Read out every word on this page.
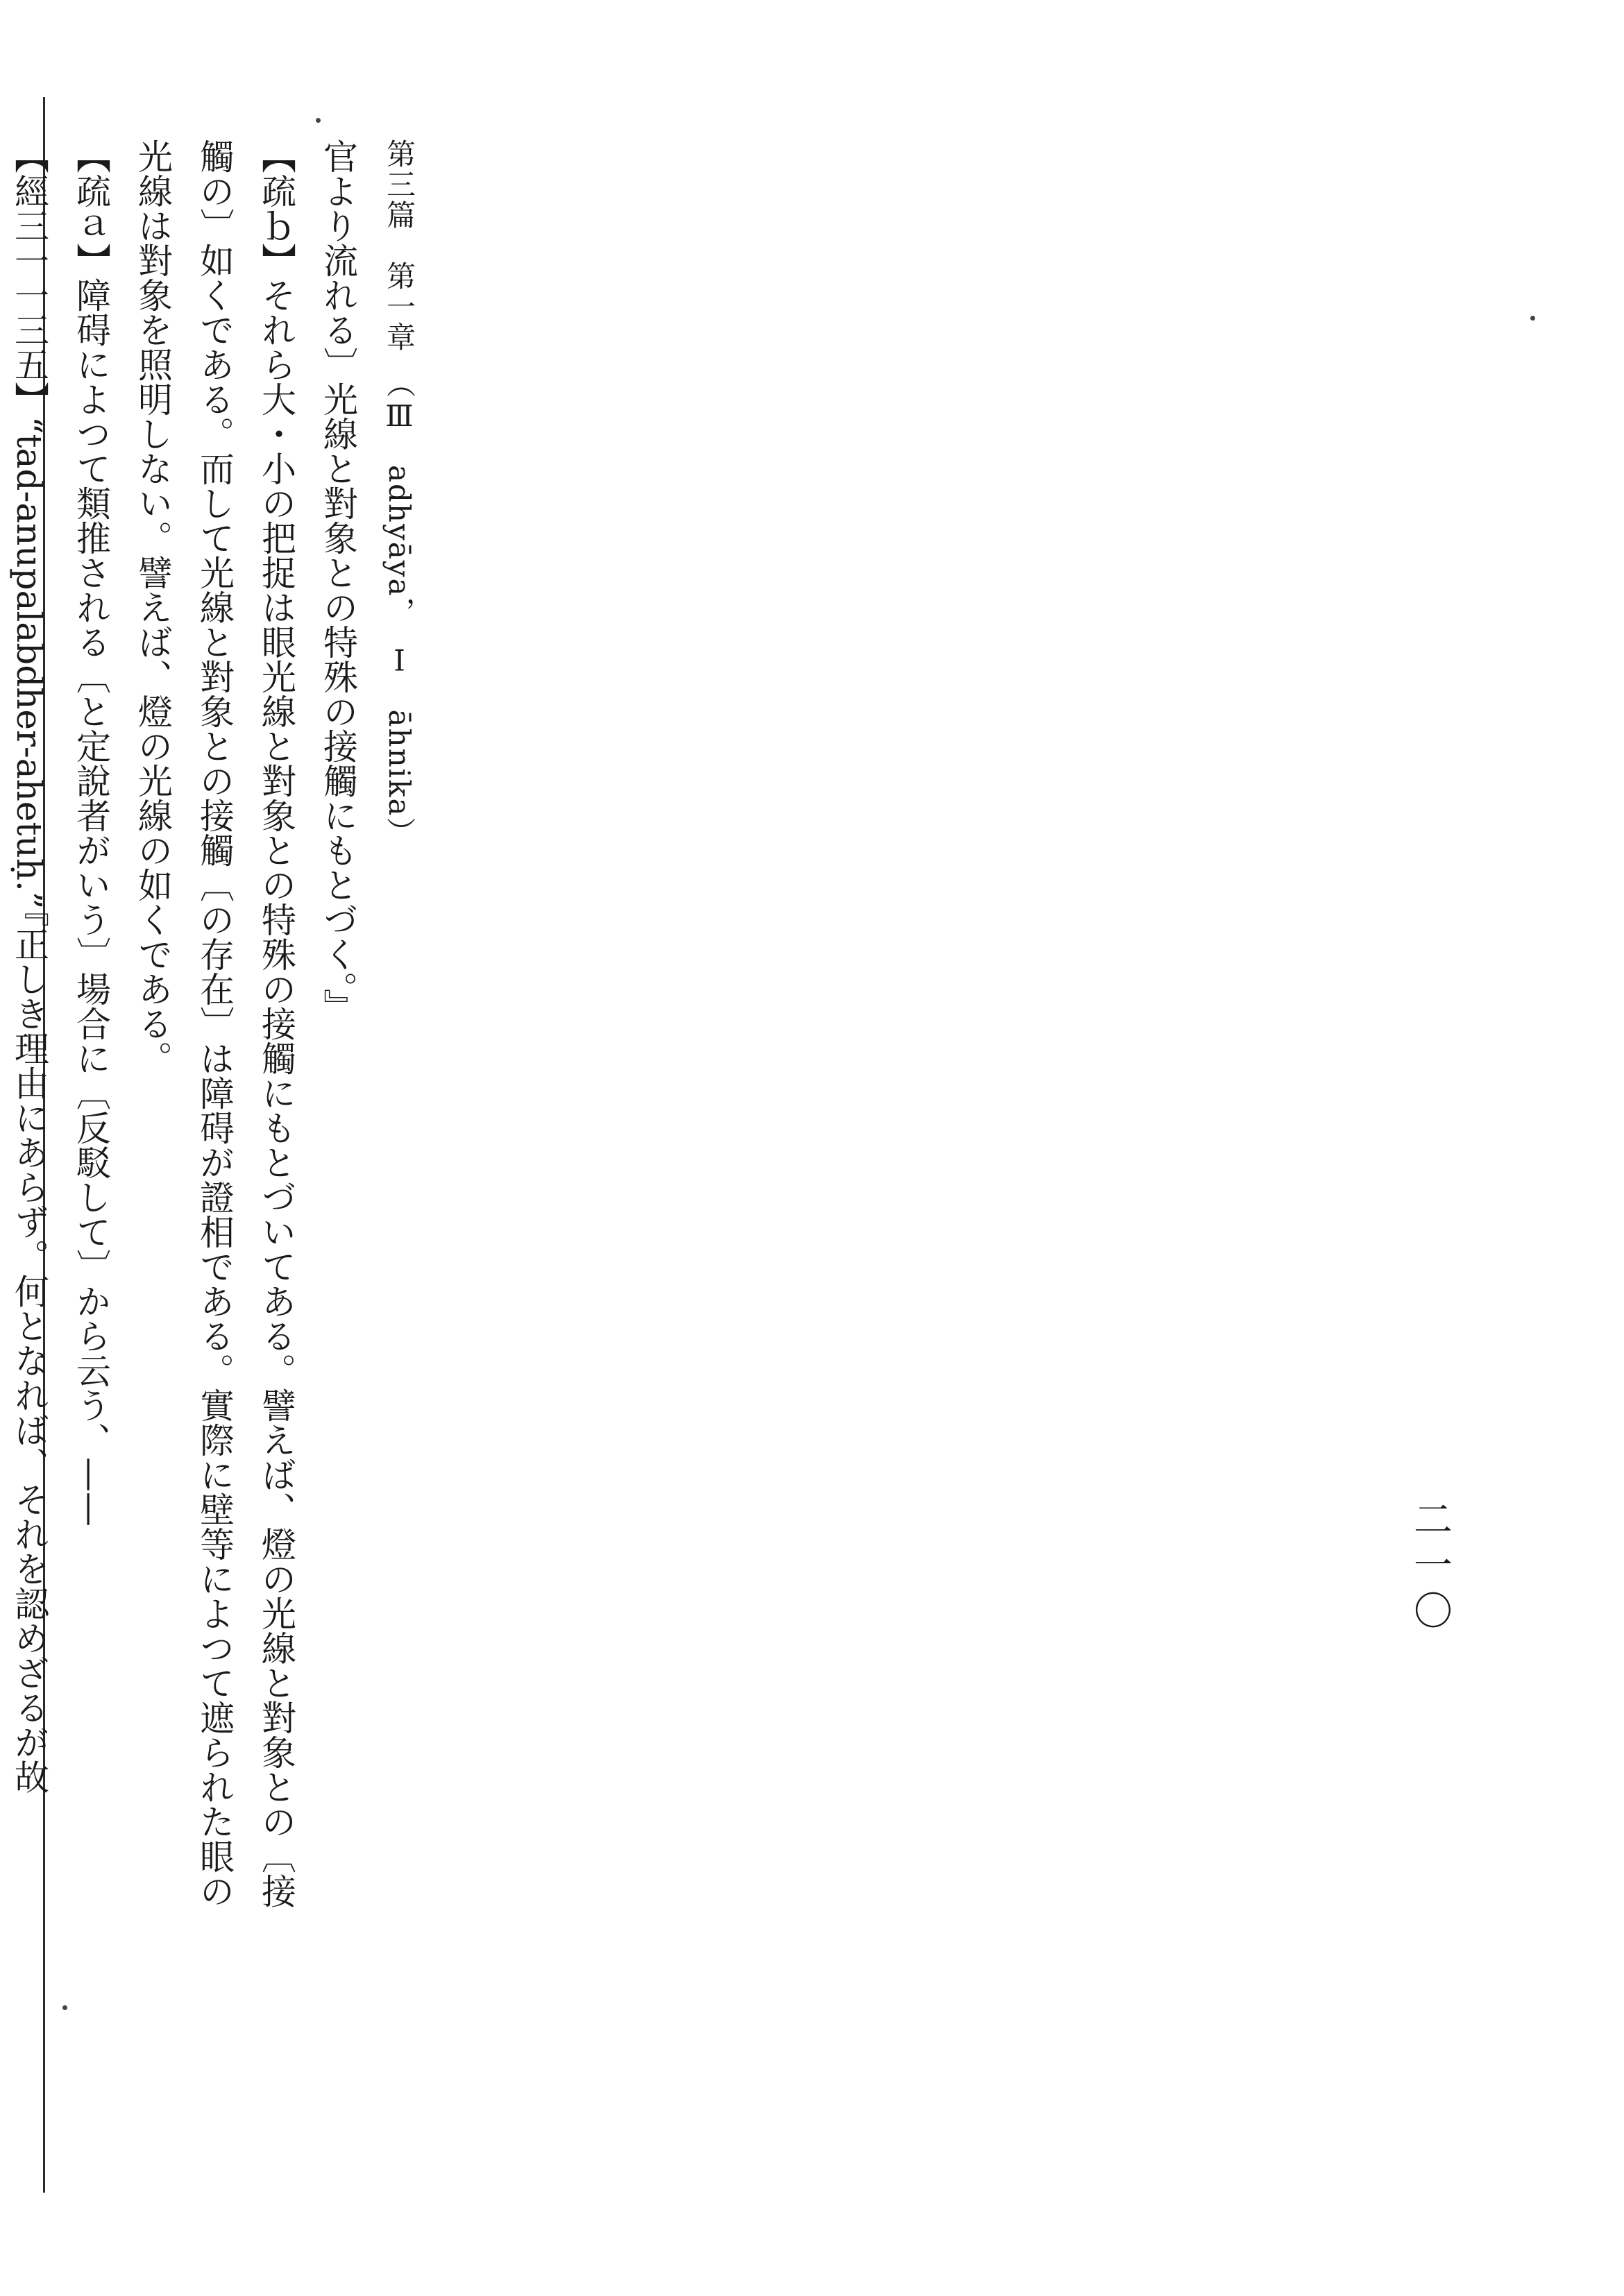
二一〇
第三篇　第一章　（Ⅲ　adhyāya，　Ⅰ　āhnika）
官より流れる〕光線と對象との特殊の接觸にもとづく。』
【疏ｂ】それら大・小の把捉は眼光線と對象との特殊の接觸にもとづいてある。譬えば、燈の光線と對象との〔接
觸の〕如くである。而して光線と對象との接觸〔の存在〕は障碍が證相である。實際に壁等によつて遮られた眼の
光線は對象を照明しない。譬えば、燈の光線の如くである。
【疏ａ】障碍によつて類推される〔と定說者がいう〕場合に〔反駁して〕から云う、——
【經三一一三五】“tad-anupalabdher-ahetuḥ.”『正しき理由にあらず。何となれば、それを認めざるが故
